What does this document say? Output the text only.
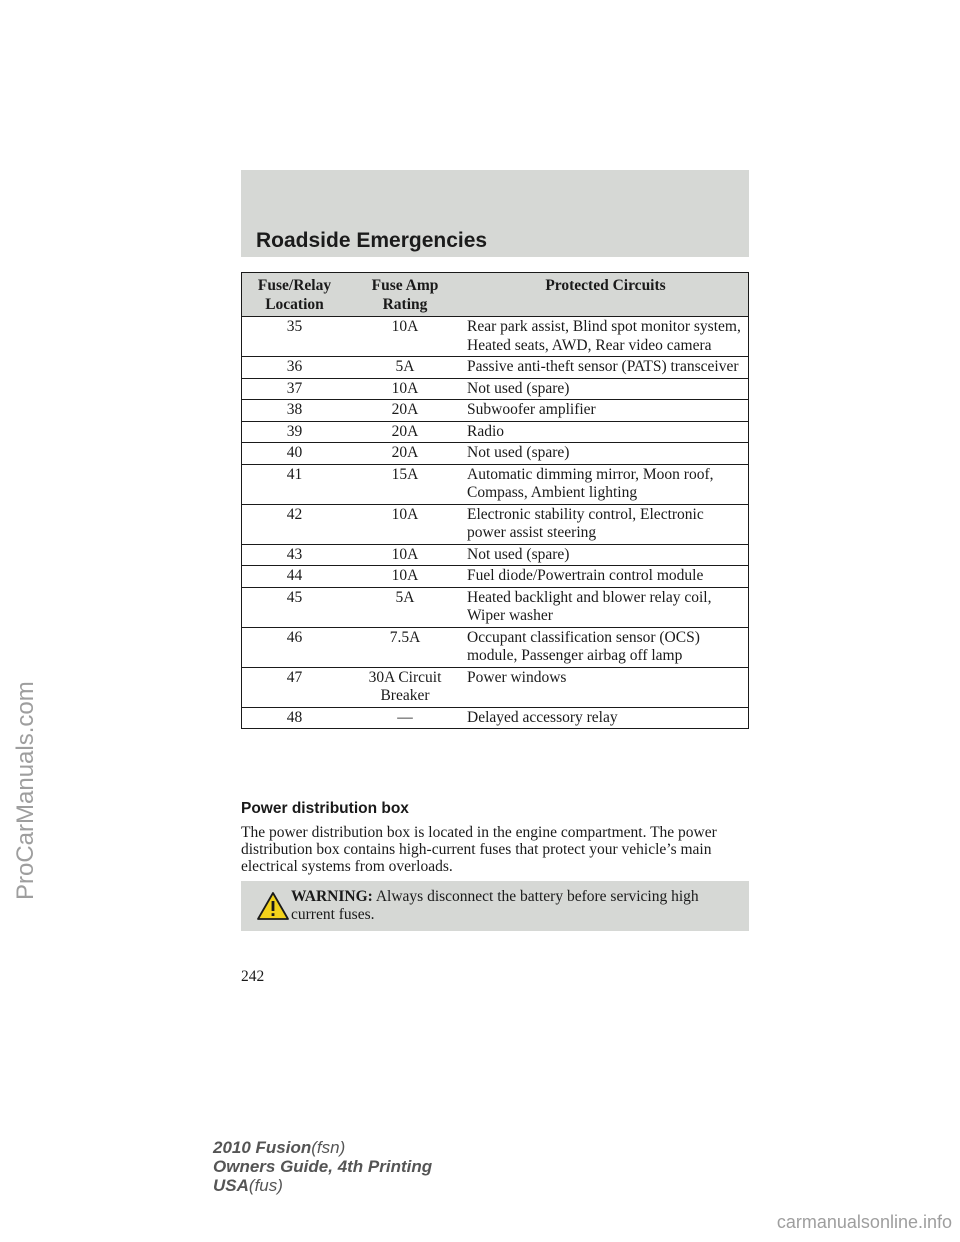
Roadside Emergencies
Fuse/Relay Location	Fuse Amp Rating	Protected Circuits
35	10A	Rear park assist, Blind spot monitor system, Heated seats, AWD, Rear video camera
36	5A	Passive anti-theft sensor (PATS) transceiver
37	10A	Not used (spare)
38	20A	Subwoofer amplifier
39	20A	Radio
40	20A	Not used (spare)
41	15A	Automatic dimming mirror, Moon roof, Compass, Ambient lighting
42	10A	Electronic stability control, Electronic power assist steering
43	10A	Not used (spare)
44	10A	Fuel diode/Powertrain control module
45	5A	Heated backlight and blower relay coil, Wiper washer
46	7.5A	Occupant classification sensor (OCS) module, Passenger airbag off lamp
47	30A Circuit Breaker	Power windows
48	—	Delayed accessory relay
Power distribution box
The power distribution box is located in the engine compartment. The power distribution box contains high-current fuses that protect your vehicle’s main electrical systems from overloads.
WARNING: Always disconnect the battery before servicing high current fuses.
242
2010 Fusion(fsn)
Owners Guide, 4th Printing
USA(fus)
ProCarManuals.com
carmanualsonline.info
